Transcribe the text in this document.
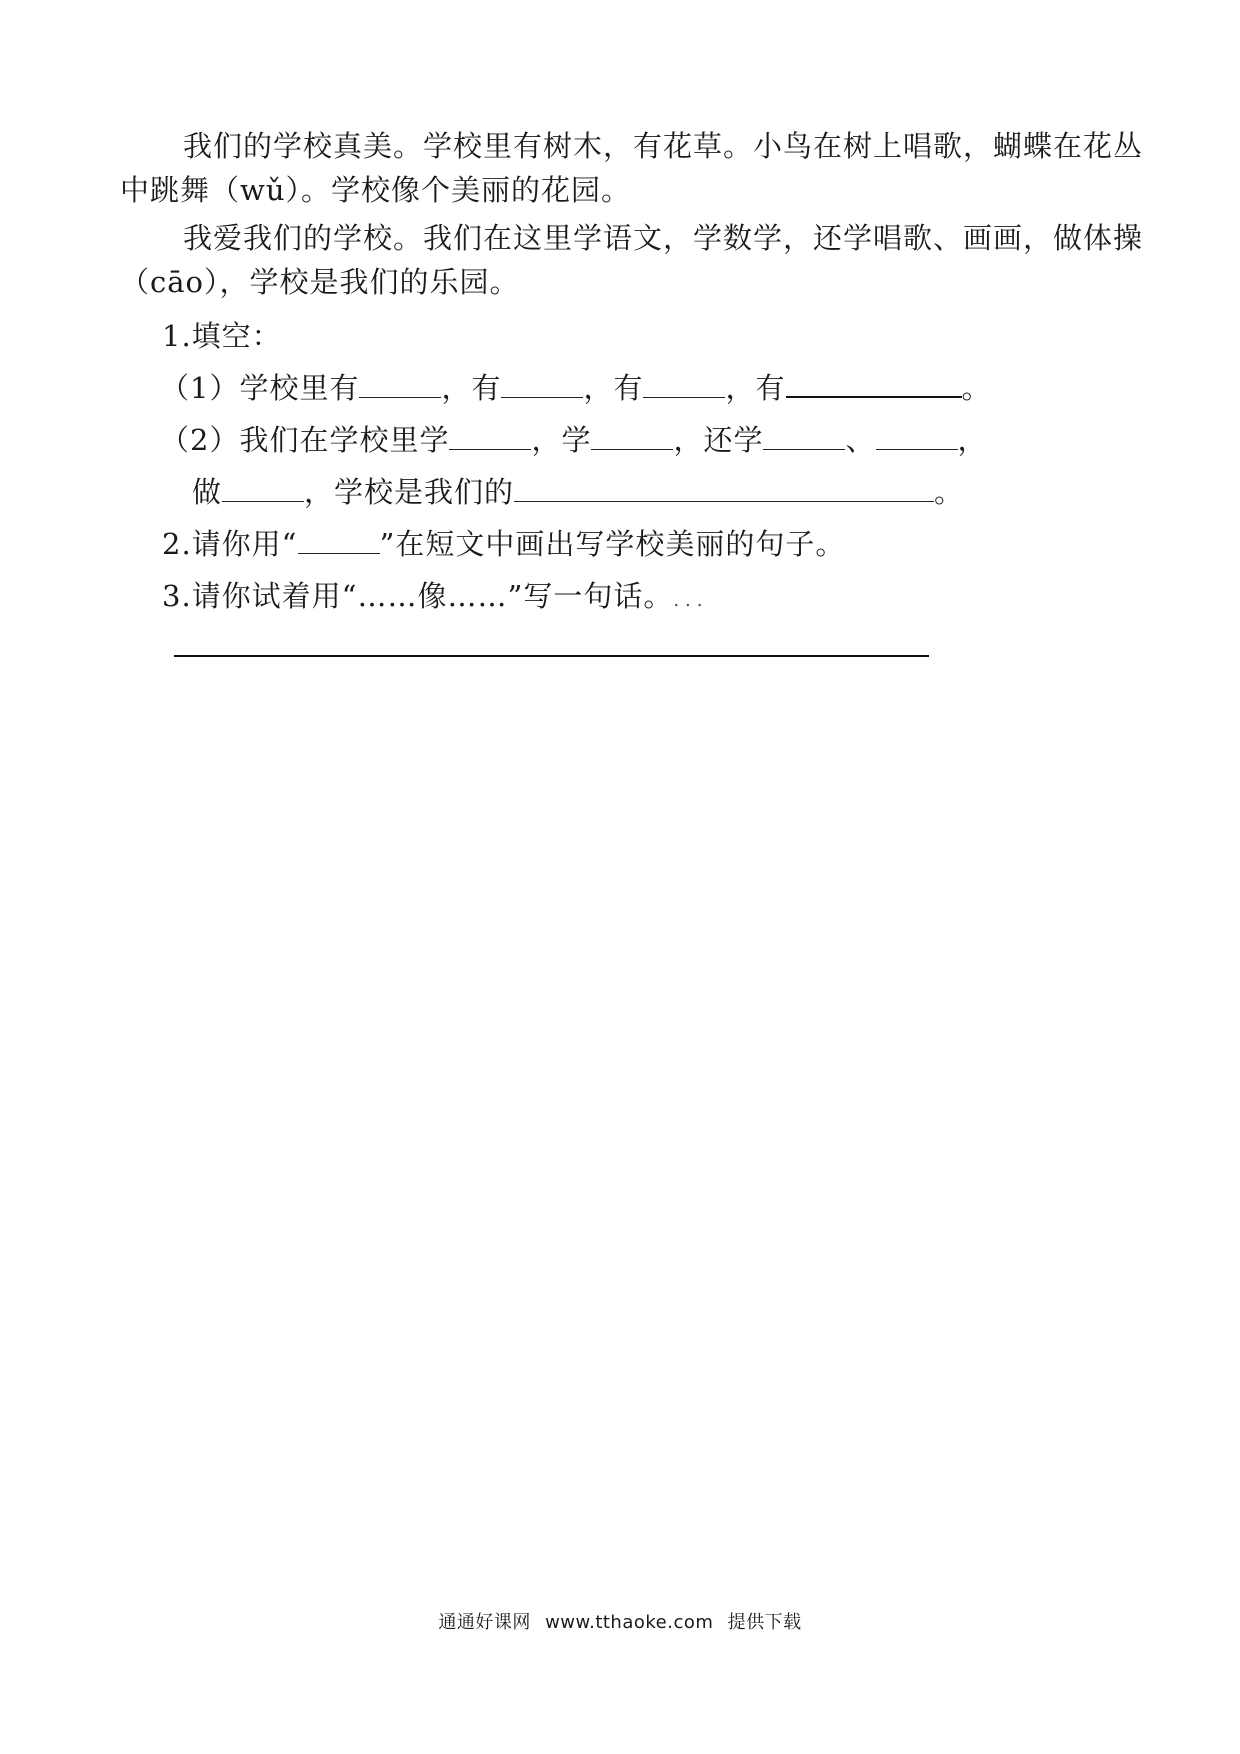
我们的学校真美。学校里有树木，有花草。小鸟在树上唱歌，蝴蝶在花丛
中跳舞（wǔ）。学校像个美丽的花园。
我爱我们的学校。我们在这里学语文，学数学，还学唱歌、画画，做体操
（cāo），学校是我们的乐园。
1.填空：
（1）学校里有	，有	，有	，有	。
（2）我们在学校里学	，学	，还学	、	，
做	，学校是我们的	。
2.请你用“	”在短文中画出写学校美丽的句子。
3.请你试着用“……像……”写一句话。...
通通好课网 www.tthaoke.com 提供下载
